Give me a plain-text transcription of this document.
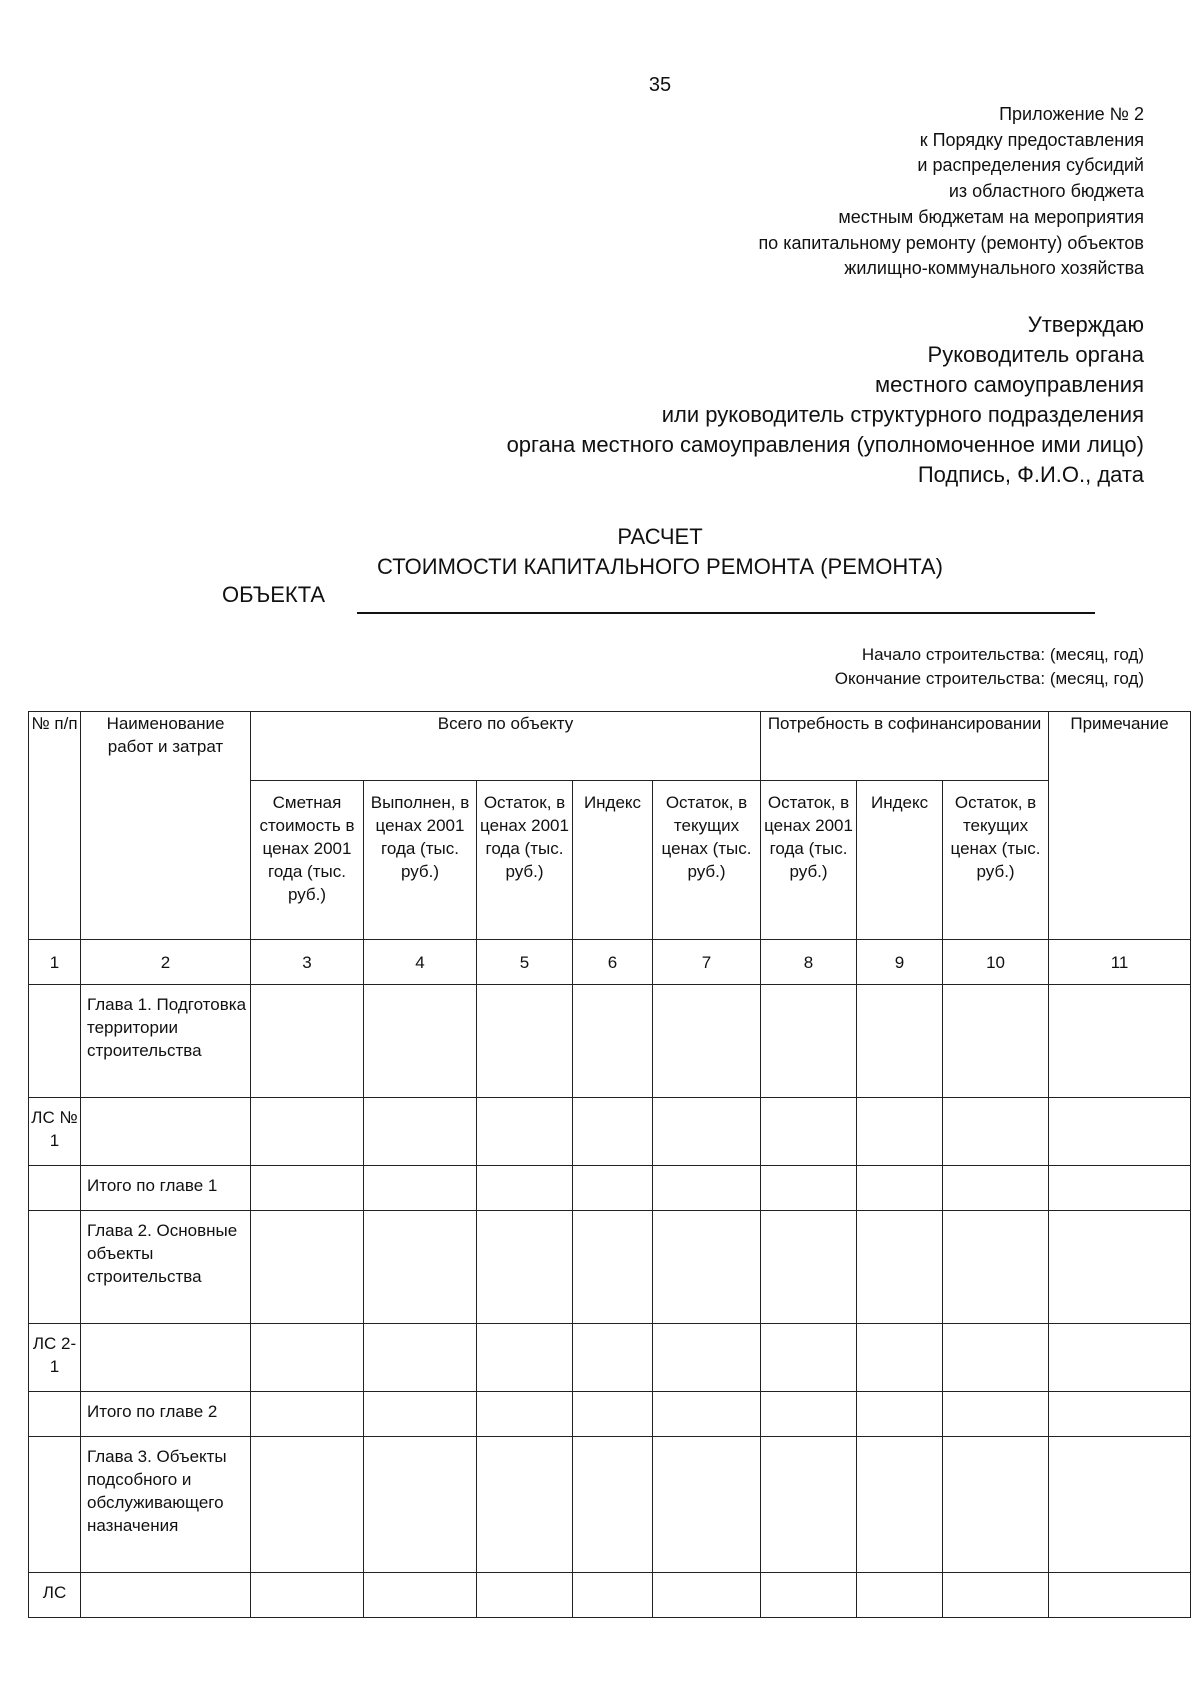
35
Приложение № 2
к Порядку предоставления
и распределения субсидий
из областного бюджета
местным бюджетам на мероприятия
по капитальному ремонту (ремонту) объектов
жилищно-коммунального хозяйства
Утверждаю
Руководитель органа
местного самоуправления
или руководитель структурного подразделения
органа местного самоуправления (уполномоченное ими лицо)
Подпись, Ф.И.О., дата
РАСЧЕТ
СТОИМОСТИ КАПИТАЛЬНОГО РЕМОНТА (РЕМОНТА)
ОБЪЕКТА
Начало строительства: (месяц, год)
Окончание строительства: (месяц, год)
№ п/п	Наименование работ и затрат	Всего по объекту					Потребность в софинансировании			Примечание
		Сметная стоимость в ценах 2001 года (тыс. руб.)	Выполнен, в ценах 2001 года (тыс. руб.)	Остаток, в ценах 2001 года (тыс. руб.)	Индекс	Остаток, в текущих ценах (тыс. руб.)	Остаток, в ценах 2001 года (тыс. руб.)	Индекс	Остаток, в текущих ценах (тыс. руб.)	
1	2	3	4	5	6	7	8	9	10	11
	Глава 1. Подготовка территории строительства									
ЛС № 1										
	Итого по главе 1									
	Глава 2. Основные объекты строительства									
ЛС 2-1										
	Итого по главе 2									
	Глава 3. Объекты подсобного и обслуживающего назначения									
ЛС										
